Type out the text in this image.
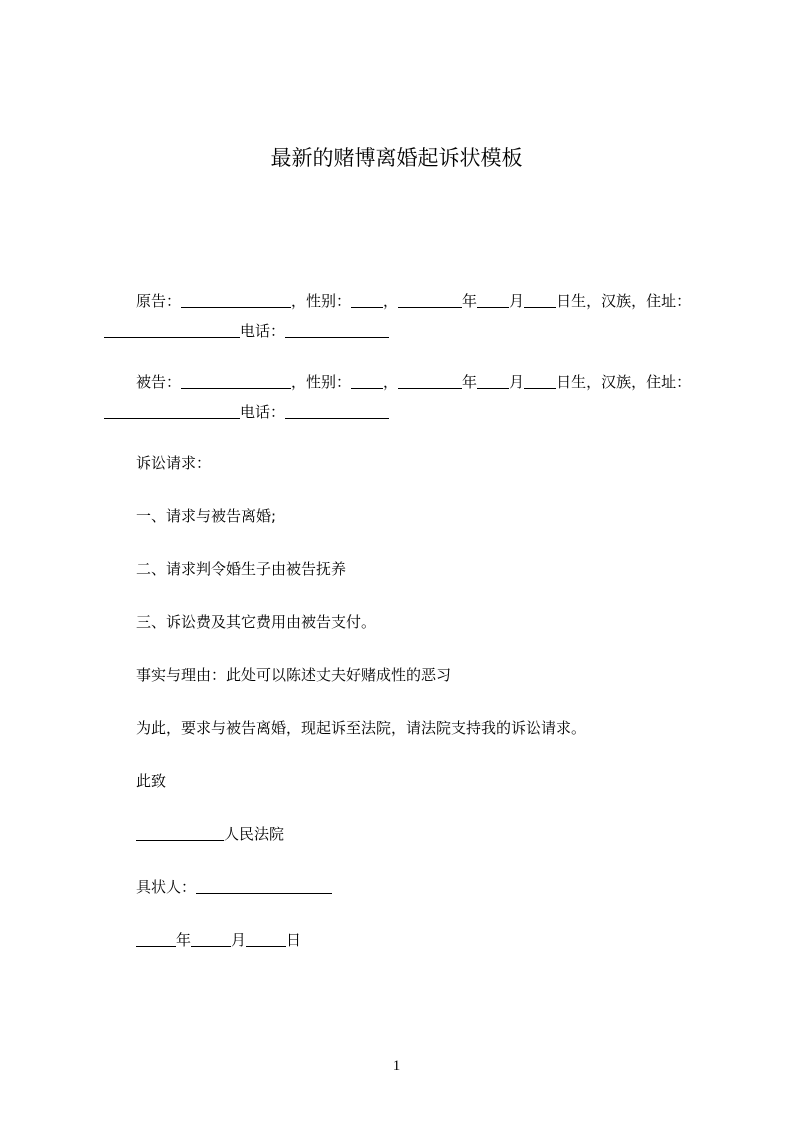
最新的赌博离婚起诉状模板
原告：	，性别： ，	年 月 日生，汉族，住址：
电话：
被告：	，性别： ，	年 月 日生，汉族，住址：
电话：
诉讼请求：
一、请求与被告离婚;
二、请求判令婚生子由被告抚养
三、诉讼费及其它费用由被告支付。
事实与理由：此处可以陈述丈夫好赌成性的恶习
为此，要求与被告离婚，现起诉至法院，请法院支持我的诉讼请求。
此致
人民法院
具状人：
年	月	日
1
